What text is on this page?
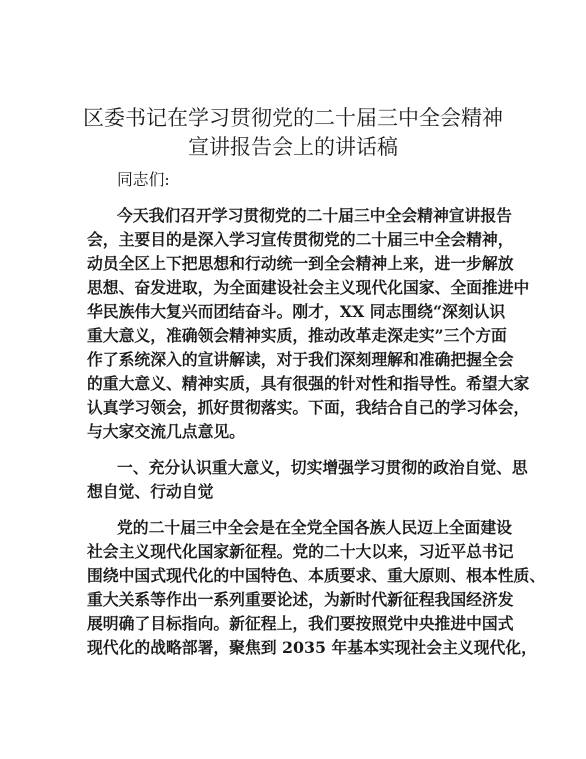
区委书记在学习贯彻党的二十届三中全会精神
宣讲报告会上的讲话稿

同志们:

今天我们召开学习贯彻党的二十届三中全会精神宣讲报告

会，主要目的是深入学习宣传贯彻党的二十届三中全会精神，

动员全区上下把思想和行动统一到全会精神上来，进一步解放

思想、奋发进取，为全面建设社会主义现代化国家、全面推进中

华民族伟大复兴而团结奋斗。刚才，XX 同志围绕“深刻认识

重大意义，准确领会精神实质，推动改革走深走实”三个方面

作了系统深入的宣讲解读，对于我们深刻理解和准确把握全会

的重大意义、精神实质，具有很强的针对性和指导性。希望大家

认真学习领会，抓好贯彻落实。下面，我结合自己的学习体会，

与大家交流几点意见。

一、充分认识重大意义，切实增强学习贯彻的政治自觉、思

想自觉、行动自觉

党的二十届三中全会是在全党全国各族人民迈上全面建设

社会主义现代化国家新征程。党的二十大以来，习近平总书记

围绕中国式现代化的中国特色、本质要求、重大原则、根本性质、

重大关系等作出一系列重要论述，为新时代新征程我国经济发

展明确了目标指向。新征程上，我们要按照党中央推进中国式

现代化的战略部署，聚焦到 2035 年基本实现社会主义现代化，
